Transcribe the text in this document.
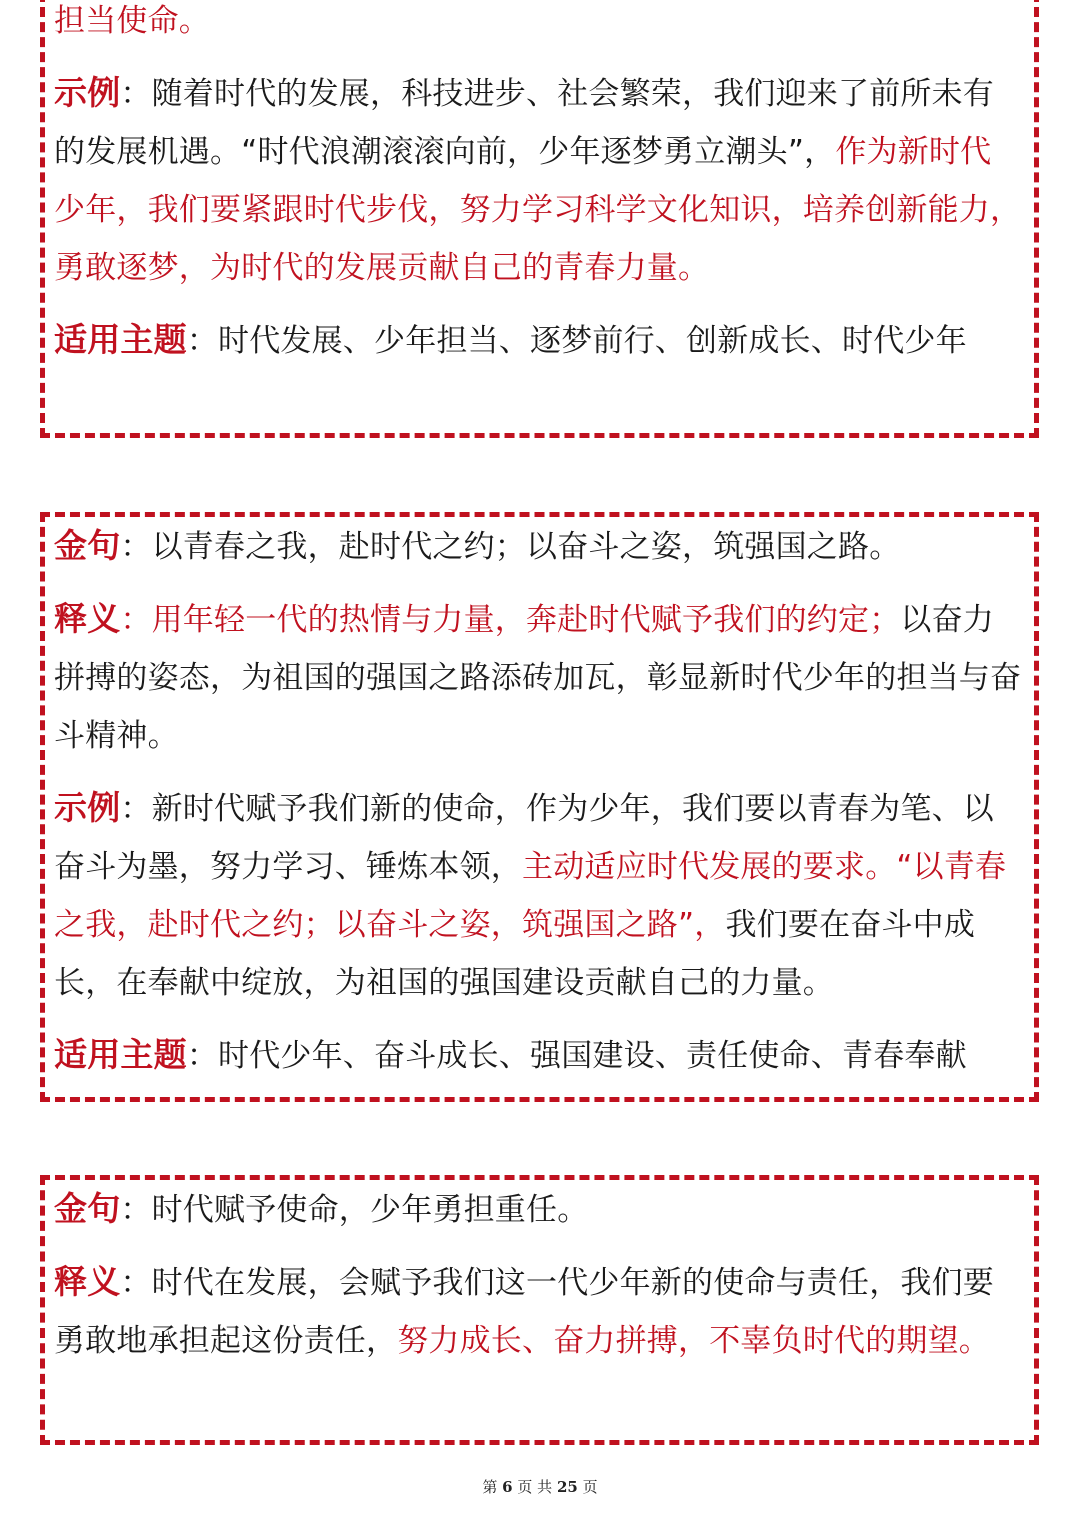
担当使命。

示例：随着时代的发展，科技进步、社会繁荣，我们迎来了前所未有的发展机遇。“时代浪潮滚滚向前，少年逐梦勇立潮头”，作为新时代少年，我们要紧跟时代步伐，努力学习科学文化知识，培养创新能力，勇敢逐梦，为时代的发展贡献自己的青春力量。

适用主题：时代发展、少年担当、逐梦前行、创新成长、时代少年

金句：以青春之我，赴时代之约；以奋斗之姿，筑强国之路。

释义：用年轻一代的热情与力量，奔赴时代赋予我们的约定；以奋力拼搏的姿态，为祖国的强国之路添砖加瓦，彰显新时代少年的担当与奋斗精神。

示例：新时代赋予我们新的使命，作为少年，我们要以青春为笔、以奋斗为墨，努力学习、锤炼本领，主动适应时代发展的要求。“以青春之我，赴时代之约；以奋斗之姿，筑强国之路”，我们要在奋斗中成长，在奉献中绽放，为祖国的强国建设贡献自己的力量。

适用主题：时代少年、奋斗成长、强国建设、责任使命、青春奉献

金句：时代赋予使命，少年勇担重任。

释义：时代在发展，会赋予我们这一代少年新的使命与责任，我们要勇敢地承担起这份责任，努力成长、奋力拼搏，不辜负时代的期望。

第 6 页 共 25 页
